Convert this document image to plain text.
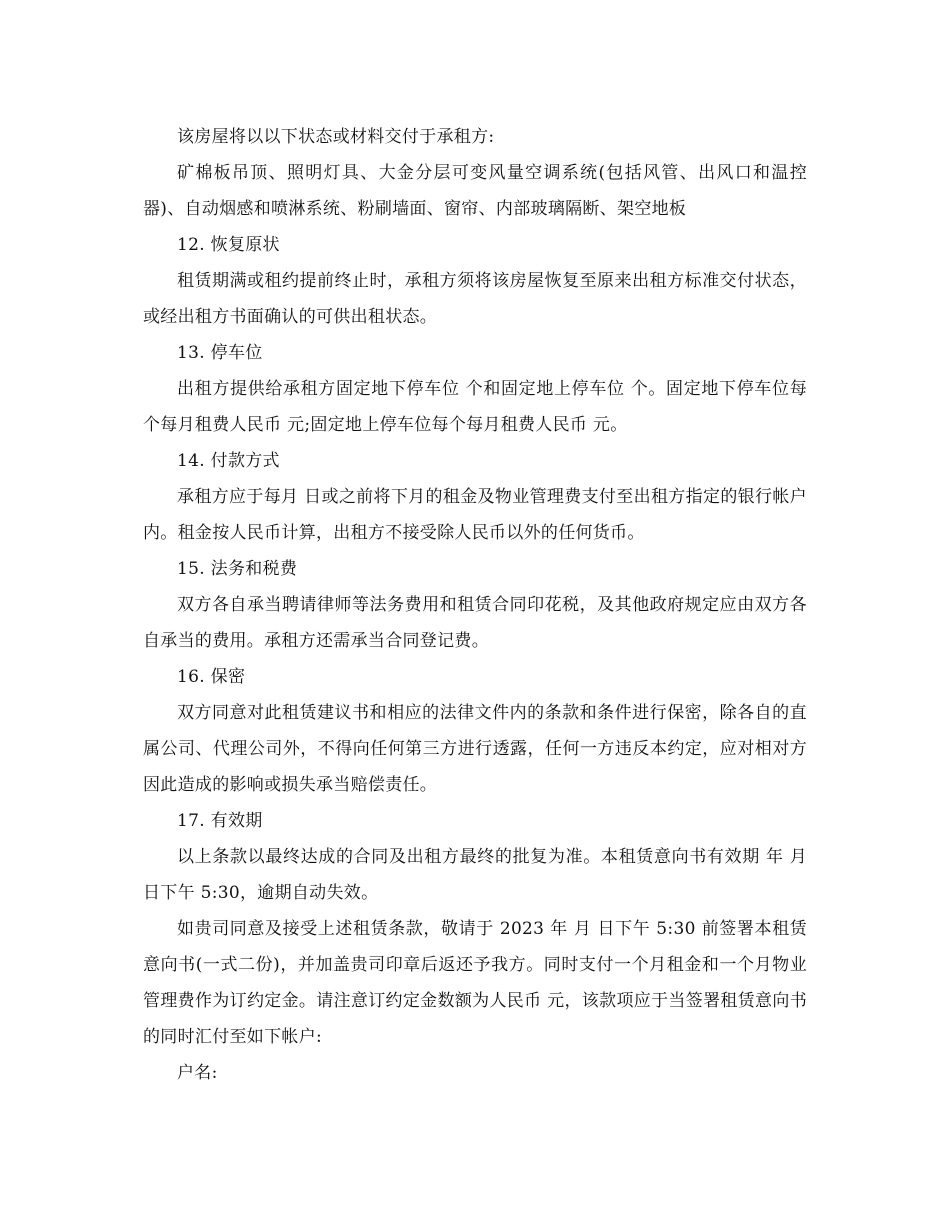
该房屋将以以下状态或材料交付于承租方:

矿棉板吊顶、照明灯具、大金分层可变风量空调系统(包括风管、出风口和温控器)、自动烟感和喷淋系统、粉刷墙面、窗帘、内部玻璃隔断、架空地板

12. 恢复原状

租赁期满或租约提前终止时，承租方须将该房屋恢复至原来出租方标准交付状态，或经出租方书面确认的可供出租状态。

13. 停车位

出租方提供给承租方固定地下停车位 个和固定地上停车位 个。固定地下停车位每个每月租费人民币 元;固定地上停车位每个每月租费人民币 元。

14. 付款方式

承租方应于每月 日或之前将下月的租金及物业管理费支付至出租方指定的银行帐户内。租金按人民币计算，出租方不接受除人民币以外的任何货币。

15. 法务和税费

双方各自承当聘请律师等法务费用和租赁合同印花税，及其他政府规定应由双方各自承当的费用。承租方还需承当合同登记费。

16. 保密

双方同意对此租赁建议书和相应的法律文件内的条款和条件进行保密，除各自的直属公司、代理公司外，不得向任何第三方进行透露，任何一方违反本约定，应对相对方因此造成的影响或损失承当赔偿责任。

17. 有效期

以上条款以最终达成的合同及出租方最终的批复为准。本租赁意向书有效期 年 月 日下午 5:30，逾期自动失效。

如贵司同意及接受上述租赁条款，敬请于 2023 年 月 日下午 5:30 前签署本租赁意向书(一式二份)，并加盖贵司印章后返还予我方。同时支付一个月租金和一个月物业管理费作为订约定金。请注意订约定金数额为人民币 元，该款项应于当签署租赁意向书的同时汇付至如下帐户:

户名:
